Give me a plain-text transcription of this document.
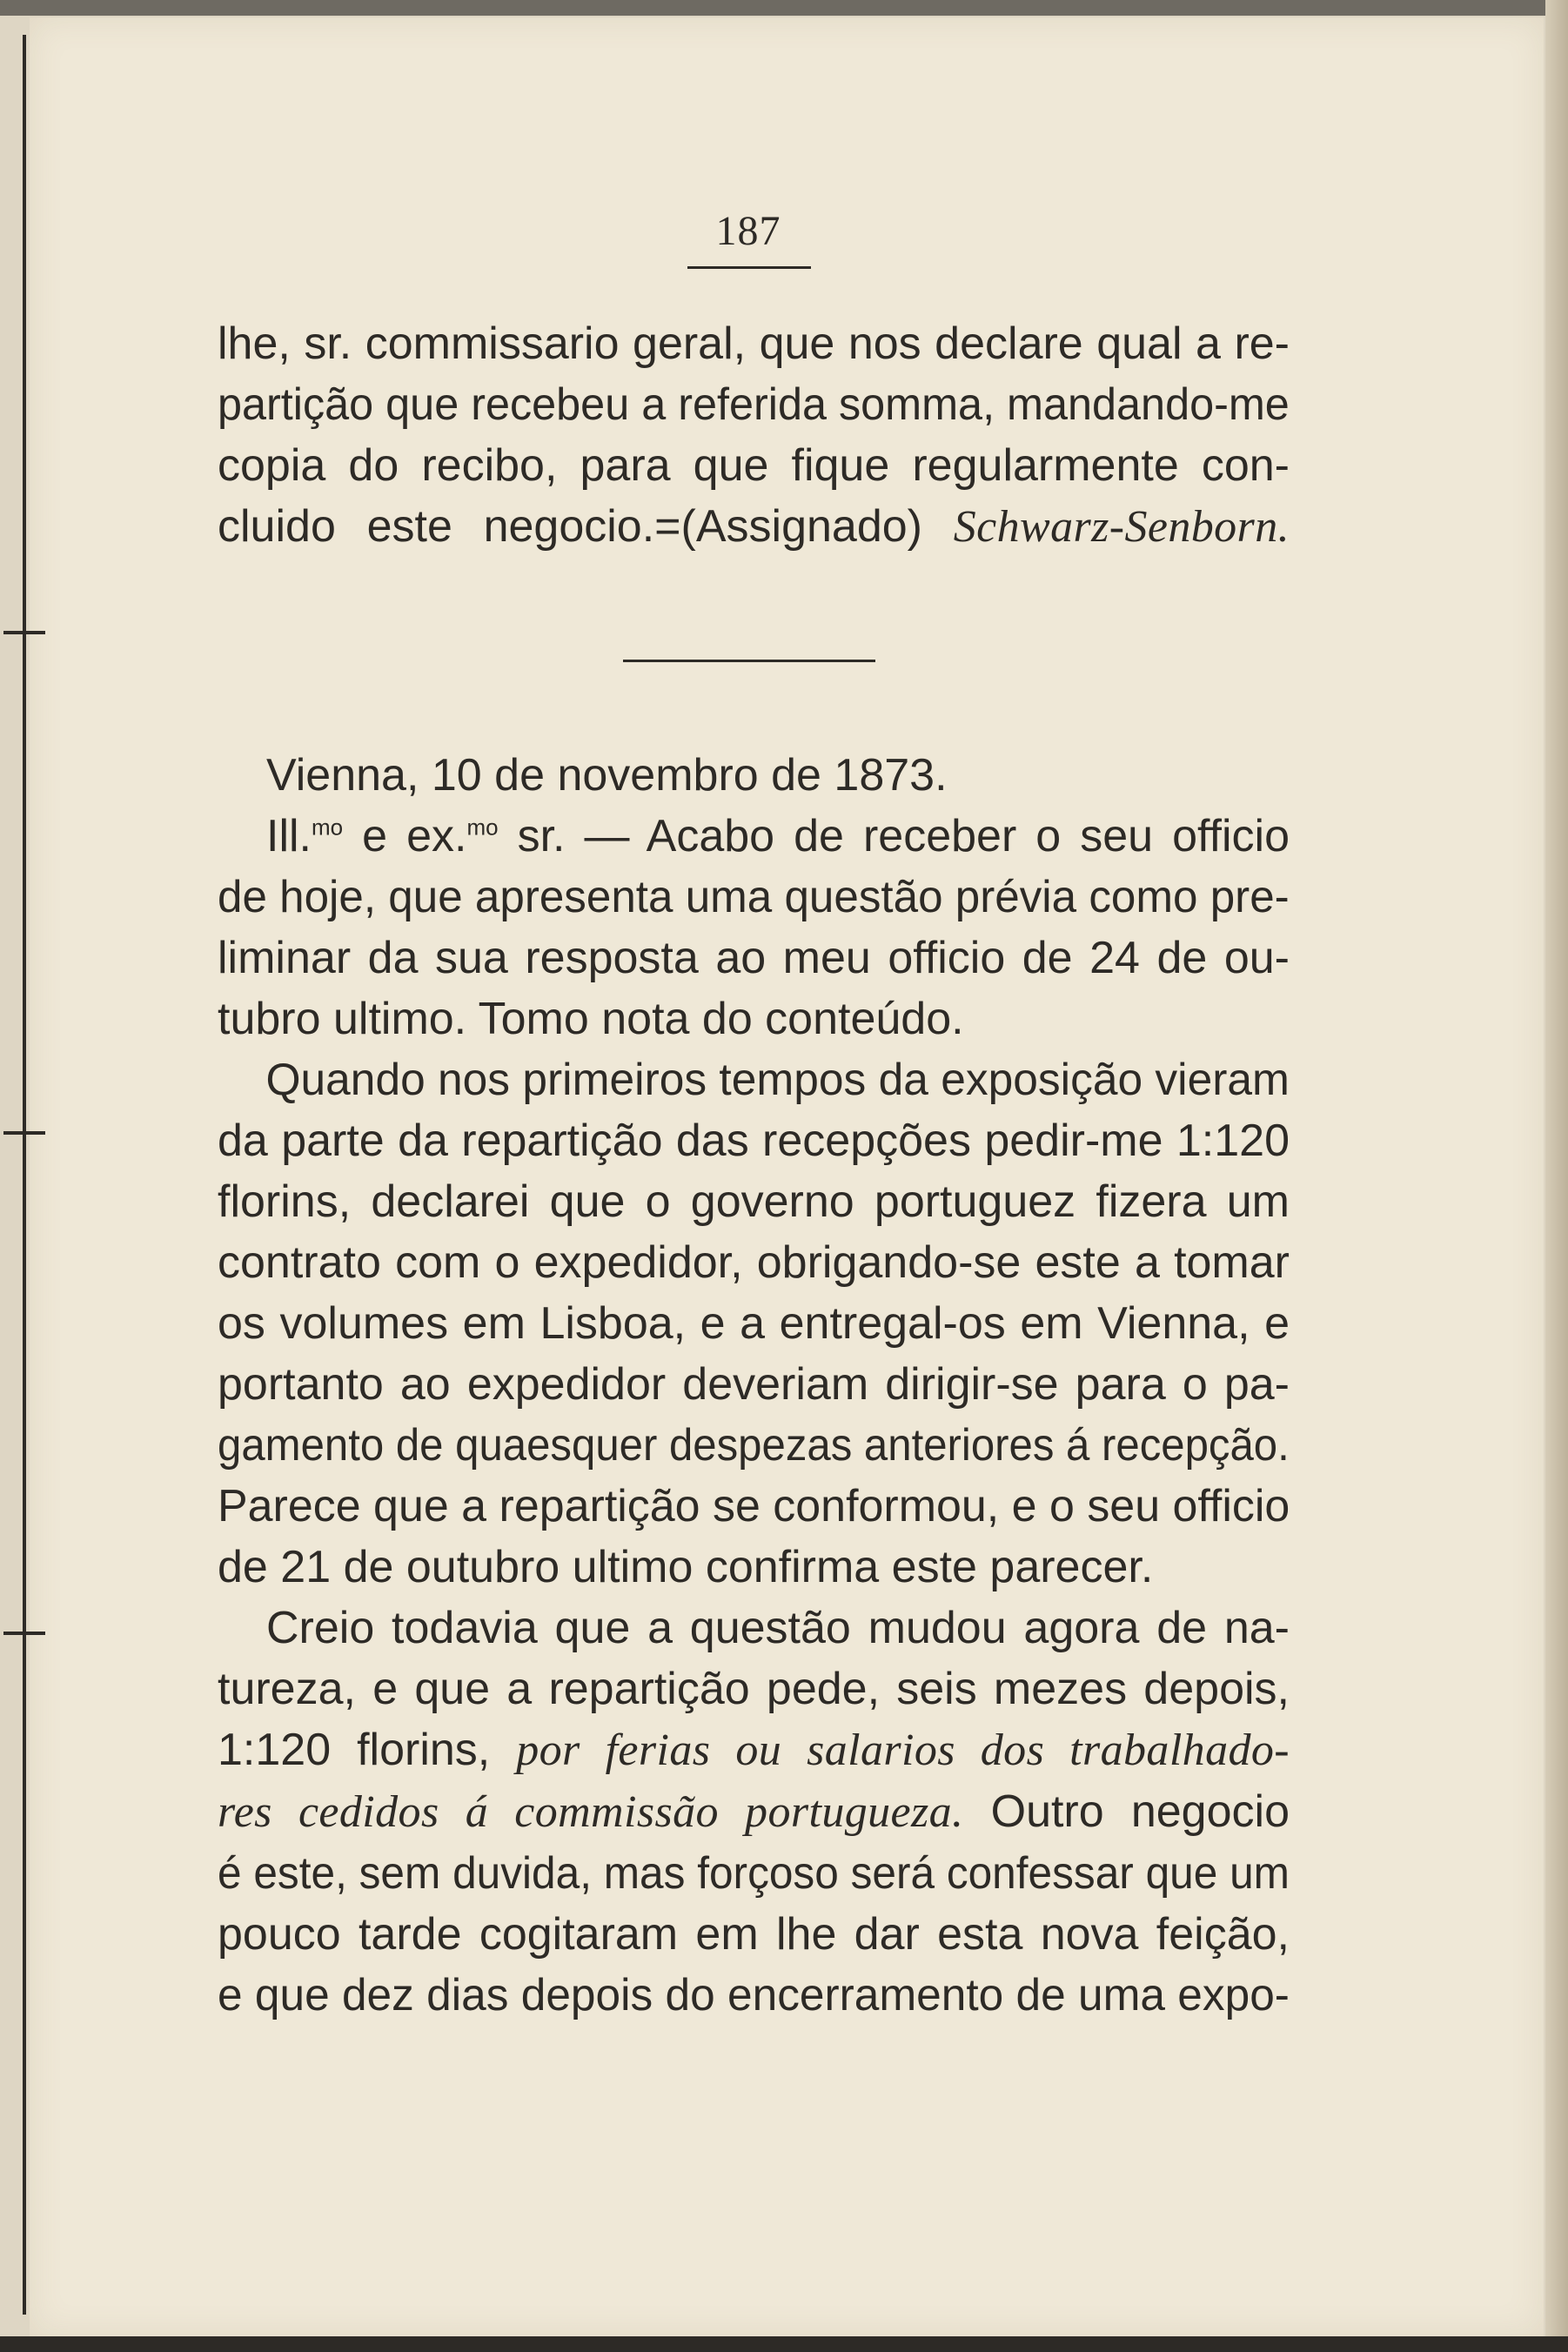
187
lhe, sr. commissario geral, que nos declare qual a re-
partição que recebeu a referida somma, mandando-me
copia do recibo, para que fique regularmente con-
cluido este negocio.=(Assignado) Schwarz-Senborn.
Vienna, 10 de novembro de 1873.
Ill.$^{mo}$ e ex.$^{mo}$ sr. — Acabo de receber o seu officio
de hoje, que apresenta uma questão prévia como pre-
liminar da sua resposta ao meu officio de 24 de ou-
tubro ultimo. Tomo nota do conteúdo.
Quando nos primeiros tempos da exposição vieram
da parte da repartição das recepções pedir-me 1:120
florins, declarei que o governo portuguez fizera um
contrato com o expedidor, obrigando-se este a tomar
os volumes em Lisboa, e a entregal-os em Vienna, e
portanto ao expedidor deveriam dirigir-se para o pa-
gamento de quaesquer despezas anteriores á recepção.
Parece que a repartição se conformou, e o seu officio
de 21 de outubro ultimo confirma este parecer.
Creio todavia que a questão mudou agora de na-
tureza, e que a repartição pede, seis mezes depois,
1:120 florins, por ferias ou salarios dos trabalhado-
res cedidos á commissão portugueza. Outro negocio
é este, sem duvida, mas forçoso será confessar que um
pouco tarde cogitaram em lhe dar esta nova feição,
e que dez dias depois do encerramento de uma expo-
